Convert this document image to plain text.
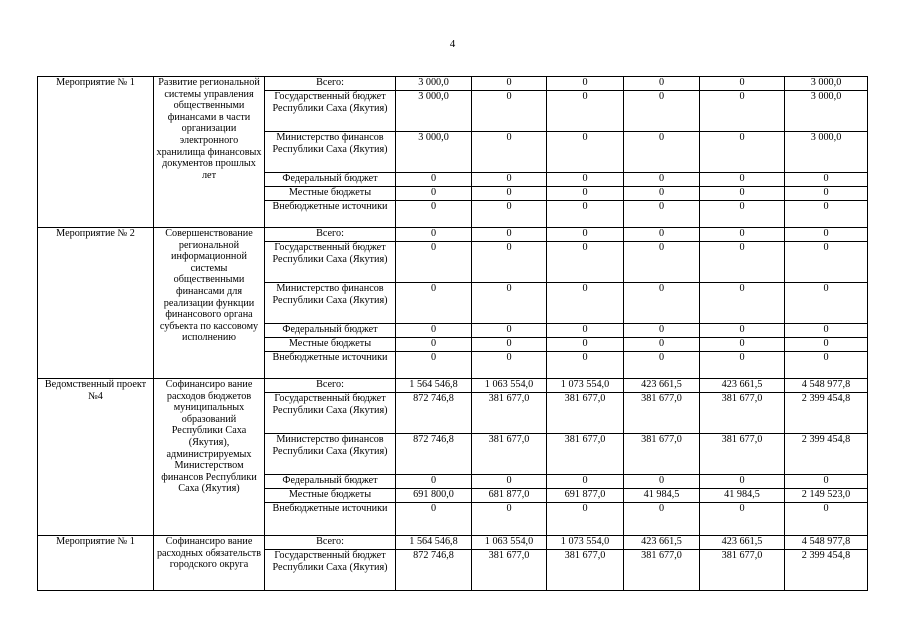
4
Мероприятие № 1	Развитие региональной системы управления общественными финансами в части организации электронного хранилища финансовых документов прошлых лет	Всего:	3 000,0	0	0	0	0	3 000,0
		Государственный бюджет Республики Саха (Якутия)	3 000,0	0	0	0	0	3 000,0
		Министерство финансов Республики Саха (Якутия)	3 000,0	0	0	0	0	3 000,0
		Федеральный бюджет	0	0	0	0	0	0
		Местные бюджеты	0	0	0	0	0	0
		Внебюджетные источники	0	0	0	0	0	0
Мероприятие № 2	Совершенствование региональной информационной системы общественными финансами для реализации функции финансового органа субъекта по кассовому исполнению	Всего:	0	0	0	0	0	0
		Государственный бюджет Республики Саха (Якутия)	0	0	0	0	0	0
		Министерство финансов Республики Саха (Якутия)	0	0	0	0	0	0
		Федеральный бюджет	0	0	0	0	0	0
		Местные бюджеты	0	0	0	0	0	0
		Внебюджетные источники	0	0	0	0	0	0
Ведомственный проект №4	Софинансиро вание расходов бюджетов муниципальных образований Республики Саха (Якутия), администрируемых Министерством финансов Республики Саха (Якутия)	Всего:	1 564 546,8	1 063 554,0	1 073 554,0	423 661,5	423 661,5	4 548 977,8
		Государственный бюджет Республики Саха (Якутия)	872 746,8	381 677,0	381 677,0	381 677,0	381 677,0	2 399 454,8
		Министерство финансов Республики Саха (Якутия)	872 746,8	381 677,0	381 677,0	381 677,0	381 677,0	2 399 454,8
		Федеральный бюджет	0	0	0	0	0	0
		Местные бюджеты	691 800,0	681 877,0	691 877,0	41 984,5	41 984,5	2 149 523,0
		Внебюджетные источники	0	0	0	0	0	0
Мероприятие № 1	Софинансиро вание расходных обязательств городского округа	Всего:	1 564 546,8	1 063 554,0	1 073 554,0	423 661,5	423 661,5	4 548 977,8
		Государственный бюджет Республики Саха (Якутия)	872 746,8	381 677,0	381 677,0	381 677,0	381 677,0	2 399 454,8
